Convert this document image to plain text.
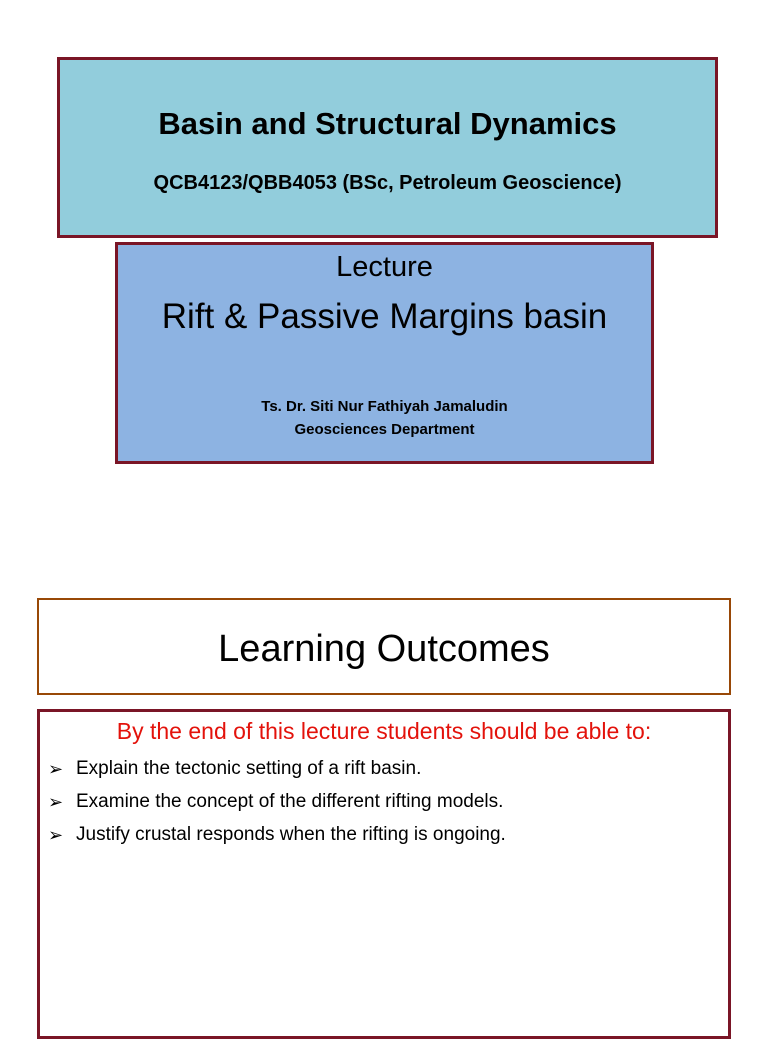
Basin and Structural Dynamics
QCB4123/QBB4053 (BSc, Petroleum Geoscience)
Lecture
Rift & Passive Margins basin
Ts. Dr. Siti Nur Fathiyah Jamaludin
Geosciences Department
Learning Outcomes
By the end of this lecture students should be able to:
➢ Explain the tectonic setting of a rift basin.
➢ Examine the concept of the different rifting models.
➢ Justify crustal responds when the rifting is ongoing.
